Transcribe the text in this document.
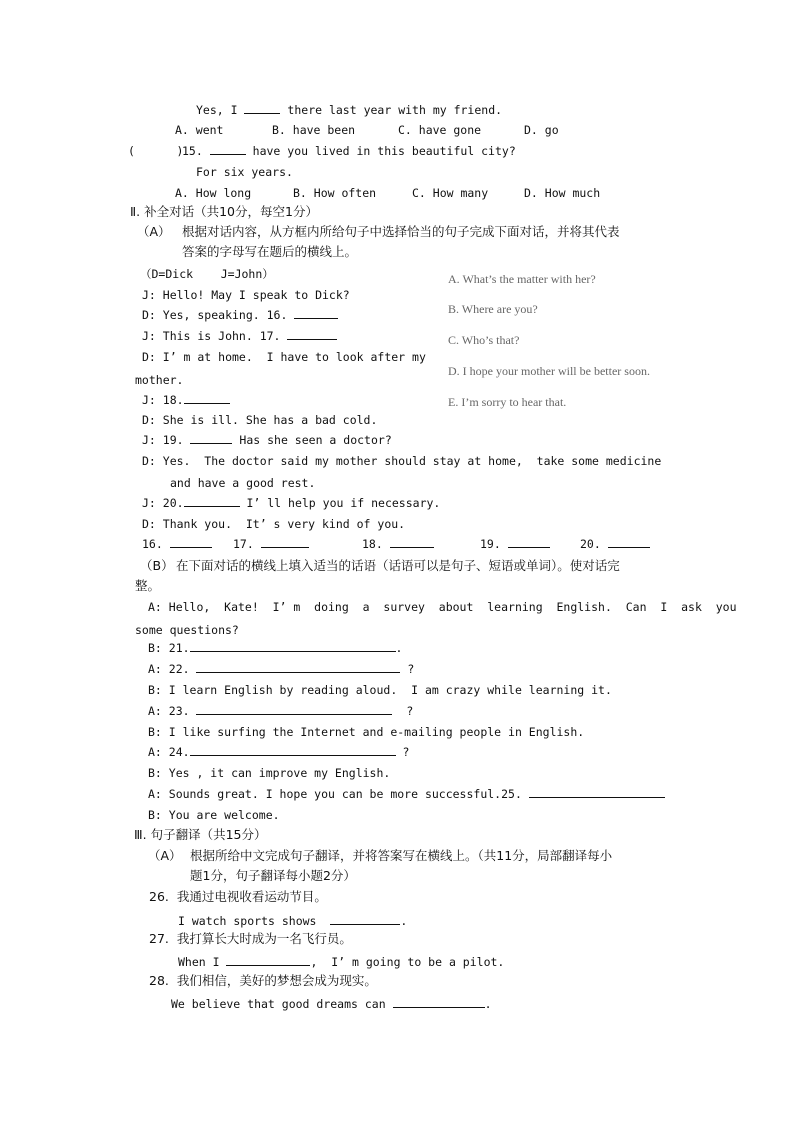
Yes, I	there last year with my friend.
A. went	B. have been	C. have gone	D. go
(      )
15.	have you lived in this beautiful city?
For six years.
A. How long	B. How often	C. How many	D. How much
Ⅱ. 补全对话（共10分，每空1分）
（A） 根据对话内容，从方框内所给句子中选择恰当的句子完成下面对话，并将其代表
答案的字母写在题后的横线上。
（D=Dick    J=John）
J: Hello! May I speak to Dick?
D: Yes, speaking. 16.
J: This is John. 17.
D: I’ m at home.  I have to look after my
mother.
J: 18.
D: She is ill. She has a bad cold.
J: 19.	Has she seen a doctor?
D: Yes.  The doctor said my mother should stay at home,  take some medicine
and have a good rest.
J: 20.	I’ ll help you if necessary.
D: Thank you.  It’ s very kind of you.
16.	17.	18.	19.	20.
A. What’s the matter with her?
B. Where are you?
C. Who’s that?
D. I hope your mother will be better soon.
E. I’m sorry to hear that.
（B） 在下面对话的横线上填入适当的话语（话语可以是句子、短语或单词）。使对话完
整。
A: Hello,  Kate!  I’ m  doing  a  survey  about  learning  English.  Can  I  ask  you
some questions?
B: 21.	.
A: 22.	?
B: I learn English by reading aloud.  I am crazy while learning it.
A: 23.	?
B: I like surfing the Internet and e-mailing people in English.
A: 24.	?
B: Yes , it can improve my English.
A: Sounds great. I hope you can be more successful.25.
B: You are welcome.
Ⅲ. 句子翻译（共15分）
（A） 根据所给中文完成句子翻译，并将答案写在横线上。（共11分，局部翻译每小
题1分，句子翻译每小题2分）
26.  我通过电视收看运动节目。
I watch sports shows	.
27.  我打算长大时成为一名飞行员。
When I	,  I’ m going to be a pilot.
28.  我们相信，美好的梦想会成为现实。
We believe that good dreams can	.
